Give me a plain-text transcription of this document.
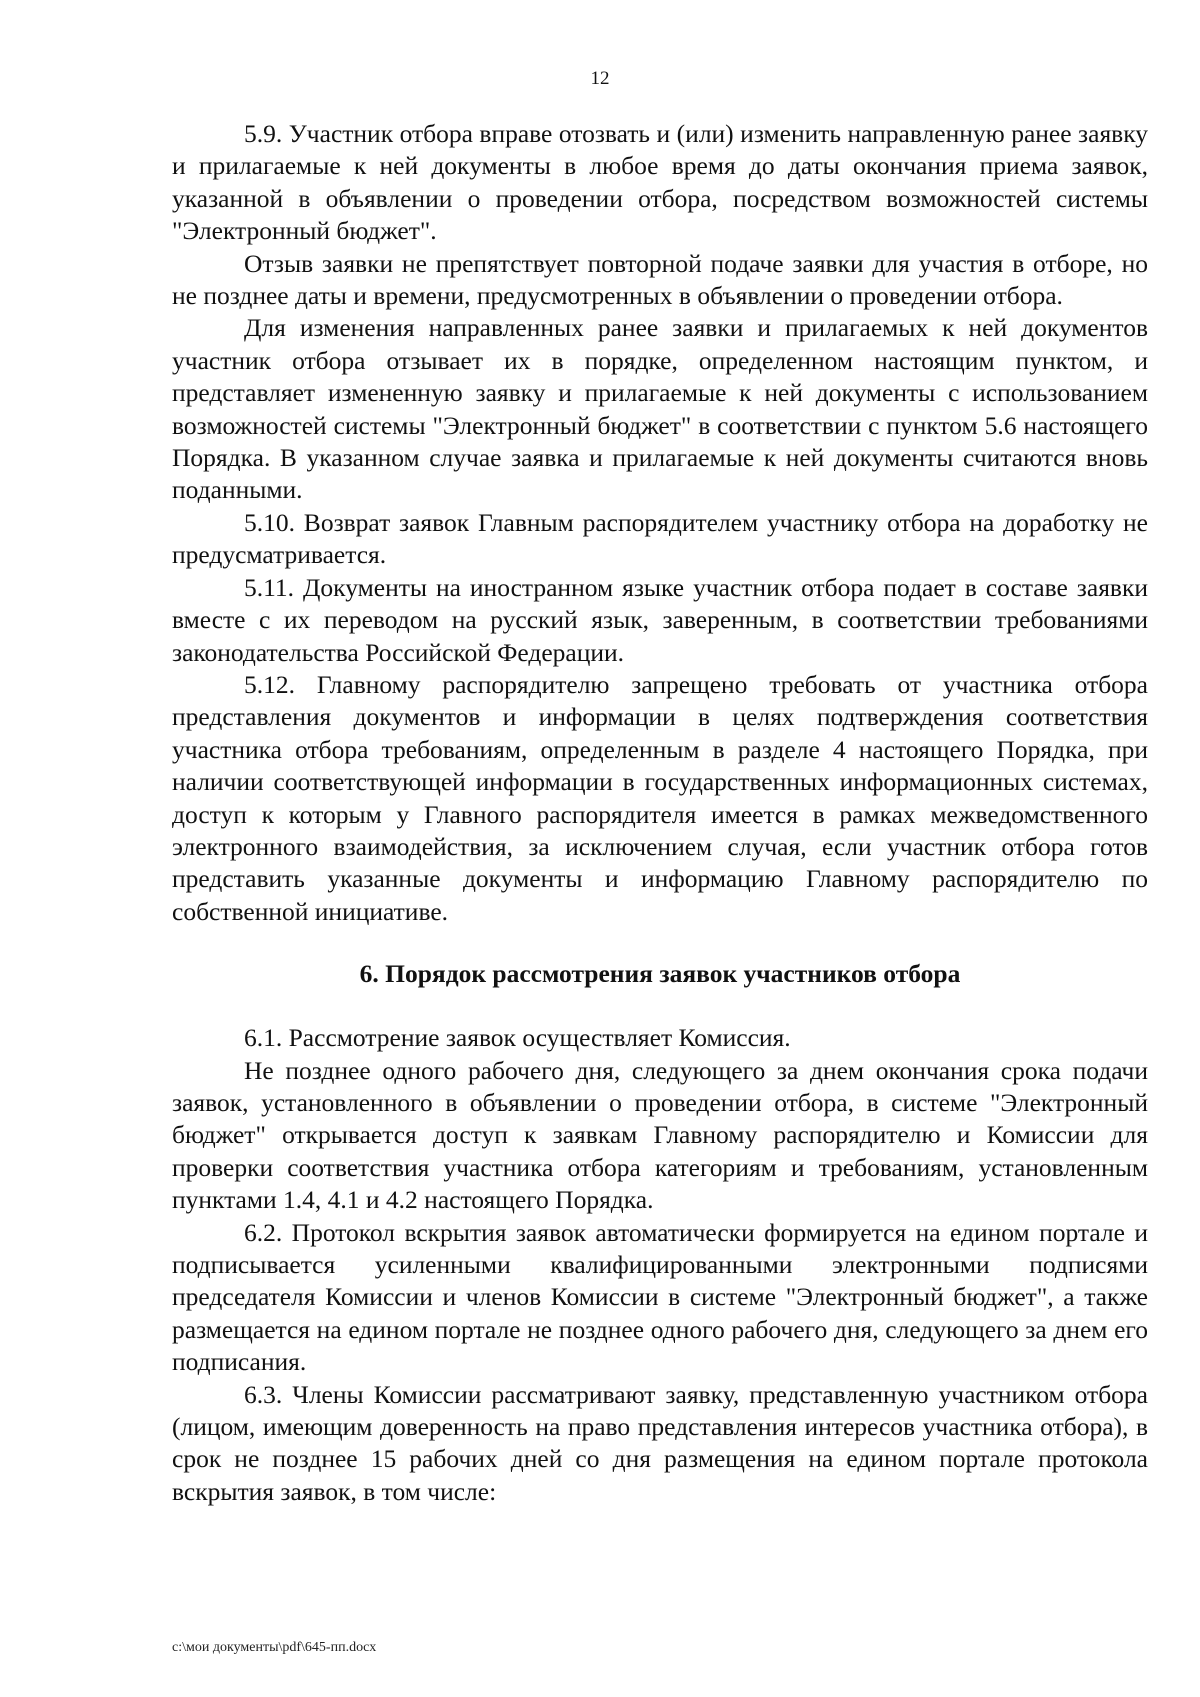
12

5.9. Участник отбора вправе отозвать и (или) изменить направленную ранее заявку и прилагаемые к ней документы в любое время до даты окончания приема заявок, указанной в объявлении о проведении отбора, посредством возможностей системы "Электронный бюджет".

Отзыв заявки не препятствует повторной подаче заявки для участия в отборе, но не позднее даты и времени, предусмотренных в объявлении о проведении отбора.

Для изменения направленных ранее заявки и прилагаемых к ней документов участник отбора отзывает их в порядке, определенном настоящим пунктом, и представляет измененную заявку и прилагаемые к ней документы с использованием возможностей системы "Электронный бюджет" в соответствии с пунктом 5.6 настоящего Порядка. В указанном случае заявка и прилагаемые к ней документы считаются вновь поданными.

5.10. Возврат заявок Главным распорядителем участнику отбора на доработку не предусматривается.

5.11. Документы на иностранном языке участник отбора подает в составе заявки вместе с их переводом на русский язык, заверенным, в соответствии требованиями законодательства Российской Федерации.

5.12. Главному распорядителю запрещено требовать от участника отбора представления документов и информации в целях подтверждения соответствия участника отбора требованиям, определенным в разделе 4 настоящего Порядка, при наличии соответствующей информации в государственных информационных системах, доступ к которым у Главного распорядителя имеется в рамках межведомственного электронного взаимодействия, за исключением случая, если участник отбора готов представить указанные документы и информацию Главному распорядителю по собственной инициативе.

6. Порядок рассмотрения заявок участников отбора

6.1. Рассмотрение заявок осуществляет Комиссия.

Не позднее одного рабочего дня, следующего за днем окончания срока подачи заявок, установленного в объявлении о проведении отбора, в системе "Электронный бюджет" открывается доступ к заявкам Главному распорядителю и Комиссии для проверки соответствия участника отбора категориям и требованиям, установленным пунктами 1.4, 4.1 и 4.2 настоящего Порядка.

6.2. Протокол вскрытия заявок автоматически формируется на едином портале и подписывается усиленными квалифицированными электронными подписями председателя Комиссии и членов Комиссии в системе "Электронный бюджет", а также размещается на едином портале не позднее одного рабочего дня, следующего за днем его подписания.

6.3. Члены Комиссии рассматривают заявку, представленную участником отбора (лицом, имеющим доверенность на право представления интересов участника отбора), в срок не позднее 15 рабочих дней со дня размещения на едином портале протокола вскрытия заявок, в том числе:

c:\мои документы\pdf\645-пп.docx
